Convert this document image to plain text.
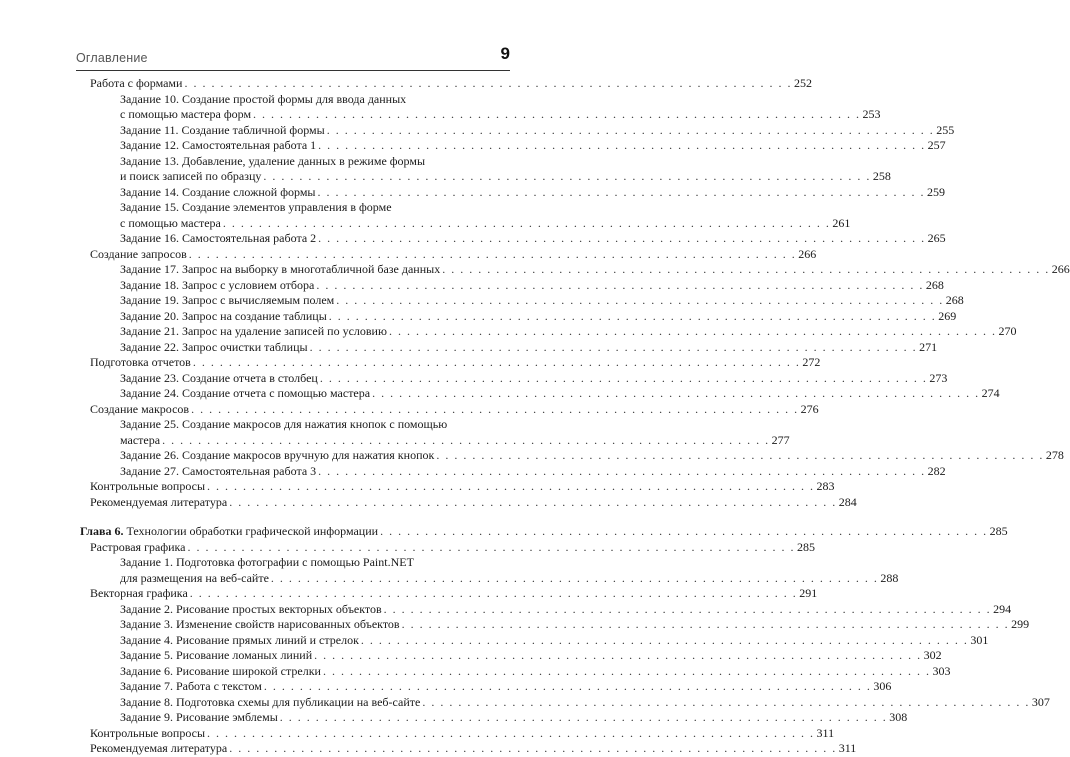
Оглавление	9
Работа с формами . . . . . . . . . . . . . . . . . . . . . . . . . . . . . . . . . . . . . . . . . . . . . . . . . . . . . . . . . . . . . . . . . . . . 252
Задание 10. Создание простой формы для ввода данных
с помощью мастера форм . . . . . . . . . . . . . . . . . . . . . . . . . . . . . . . . . . . . . . . . . . . . . . . . . . . . . . . . . . . . . . . . . . . . 253
Задание 11. Создание табличной формы . . . . . . . . . . . . . . . . . . . . . . . . . . . . . . . . . . . . . . . . . . . . . . . . . . . . . . . . . . . . . . . . . . . . 255
Задание 12. Самостоятельная работа 1 . . . . . . . . . . . . . . . . . . . . . . . . . . . . . . . . . . . . . . . . . . . . . . . . . . . . . . . . . . . . . . . . . . . . 257
Задание 13. Добавление, удаление данных в режиме формы
и поиск записей по образцу . . . . . . . . . . . . . . . . . . . . . . . . . . . . . . . . . . . . . . . . . . . . . . . . . . . . . . . . . . . . . . . . . . . . 258
Задание 14. Создание сложной формы . . . . . . . . . . . . . . . . . . . . . . . . . . . . . . . . . . . . . . . . . . . . . . . . . . . . . . . . . . . . . . . . . . . . 259
Задание 15. Создание элементов управления в форме
с помощью мастера . . . . . . . . . . . . . . . . . . . . . . . . . . . . . . . . . . . . . . . . . . . . . . . . . . . . . . . . . . . . . . . . . . . . 261
Задание 16. Самостоятельная работа 2 . . . . . . . . . . . . . . . . . . . . . . . . . . . . . . . . . . . . . . . . . . . . . . . . . . . . . . . . . . . . . . . . . . . . 265
Создание запросов . . . . . . . . . . . . . . . . . . . . . . . . . . . . . . . . . . . . . . . . . . . . . . . . . . . . . . . . . . . . . . . . . . . . 266
Задание 17. Запрос на выборку в многотабличной базе данных . . . . . . . . . . . . . . . . . . . . . . . . . . . . . . . . . . . . . . . . . . . . . . . . . . . . . . . . . . . . . . . . . . . . 266
Задание 18. Запрос с условием отбора . . . . . . . . . . . . . . . . . . . . . . . . . . . . . . . . . . . . . . . . . . . . . . . . . . . . . . . . . . . . . . . . . . . . 268
Задание 19. Запрос с вычисляемым полем . . . . . . . . . . . . . . . . . . . . . . . . . . . . . . . . . . . . . . . . . . . . . . . . . . . . . . . . . . . . . . . . . . . . 268
Задание 20. Запрос на создание таблицы . . . . . . . . . . . . . . . . . . . . . . . . . . . . . . . . . . . . . . . . . . . . . . . . . . . . . . . . . . . . . . . . . . . . 269
Задание 21. Запрос на удаление записей по условию . . . . . . . . . . . . . . . . . . . . . . . . . . . . . . . . . . . . . . . . . . . . . . . . . . . . . . . . . . . . . . . . . . . . 270
Задание 22. Запрос очистки таблицы . . . . . . . . . . . . . . . . . . . . . . . . . . . . . . . . . . . . . . . . . . . . . . . . . . . . . . . . . . . . . . . . . . . . 271
Подготовка отчетов . . . . . . . . . . . . . . . . . . . . . . . . . . . . . . . . . . . . . . . . . . . . . . . . . . . . . . . . . . . . . . . . . . . . 272
Задание 23. Создание отчета в столбец . . . . . . . . . . . . . . . . . . . . . . . . . . . . . . . . . . . . . . . . . . . . . . . . . . . . . . . . . . . . . . . . . . . . 273
Задание 24. Создание отчета с помощью мастера . . . . . . . . . . . . . . . . . . . . . . . . . . . . . . . . . . . . . . . . . . . . . . . . . . . . . . . . . . . . . . . . . . . . 274
Создание макросов . . . . . . . . . . . . . . . . . . . . . . . . . . . . . . . . . . . . . . . . . . . . . . . . . . . . . . . . . . . . . . . . . . . . 276
Задание 25. Создание макросов для нажатия кнопок с помощью
мастера . . . . . . . . . . . . . . . . . . . . . . . . . . . . . . . . . . . . . . . . . . . . . . . . . . . . . . . . . . . . . . . . . . . . 277
Задание 26. Создание макросов вручную для нажатия кнопок . . . . . . . . . . . . . . . . . . . . . . . . . . . . . . . . . . . . . . . . . . . . . . . . . . . . . . . . . . . . . . . . . . . . 278
Задание 27. Самостоятельная работа 3 . . . . . . . . . . . . . . . . . . . . . . . . . . . . . . . . . . . . . . . . . . . . . . . . . . . . . . . . . . . . . . . . . . . . 282
Контрольные вопросы . . . . . . . . . . . . . . . . . . . . . . . . . . . . . . . . . . . . . . . . . . . . . . . . . . . . . . . . . . . . . . . . . . . . 283
Рекомендуемая литература . . . . . . . . . . . . . . . . . . . . . . . . . . . . . . . . . . . . . . . . . . . . . . . . . . . . . . . . . . . . . . . . . . . . 284
Глава 6. Технологии обработки графической информации . . . . . . . . . . . . . . . . . . . . . . . . . . . . . . . . . . . . . . . . . . . . . . . . . . . . . . . . . . . . . . . . . . . . 285
Растровая графика . . . . . . . . . . . . . . . . . . . . . . . . . . . . . . . . . . . . . . . . . . . . . . . . . . . . . . . . . . . . . . . . . . . . 285
Задание 1. Подготовка фотографии с помощью Paint.NET
для размещения на веб-сайте . . . . . . . . . . . . . . . . . . . . . . . . . . . . . . . . . . . . . . . . . . . . . . . . . . . . . . . . . . . . . . . . . . . . 288
Векторная графика . . . . . . . . . . . . . . . . . . . . . . . . . . . . . . . . . . . . . . . . . . . . . . . . . . . . . . . . . . . . . . . . . . . . 291
Задание 2. Рисование простых векторных объектов . . . . . . . . . . . . . . . . . . . . . . . . . . . . . . . . . . . . . . . . . . . . . . . . . . . . . . . . . . . . . . . . . . . . 294
Задание 3. Изменение свойств нарисованных объектов . . . . . . . . . . . . . . . . . . . . . . . . . . . . . . . . . . . . . . . . . . . . . . . . . . . . . . . . . . . . . . . . . . . . 299
Задание 4. Рисование прямых линий и стрелок . . . . . . . . . . . . . . . . . . . . . . . . . . . . . . . . . . . . . . . . . . . . . . . . . . . . . . . . . . . . . . . . . . . . 301
Задание 5. Рисование ломаных линий . . . . . . . . . . . . . . . . . . . . . . . . . . . . . . . . . . . . . . . . . . . . . . . . . . . . . . . . . . . . . . . . . . . . 302
Задание 6. Рисование широкой стрелки . . . . . . . . . . . . . . . . . . . . . . . . . . . . . . . . . . . . . . . . . . . . . . . . . . . . . . . . . . . . . . . . . . . . 303
Задание 7. Работа с текстом . . . . . . . . . . . . . . . . . . . . . . . . . . . . . . . . . . . . . . . . . . . . . . . . . . . . . . . . . . . . . . . . . . . . 306
Задание 8. Подготовка схемы для публикации на веб-сайте . . . . . . . . . . . . . . . . . . . . . . . . . . . . . . . . . . . . . . . . . . . . . . . . . . . . . . . . . . . . . . . . . . . . 307
Задание 9. Рисование эмблемы . . . . . . . . . . . . . . . . . . . . . . . . . . . . . . . . . . . . . . . . . . . . . . . . . . . . . . . . . . . . . . . . . . . . 308
Контрольные вопросы . . . . . . . . . . . . . . . . . . . . . . . . . . . . . . . . . . . . . . . . . . . . . . . . . . . . . . . . . . . . . . . . . . . . 311
Рекомендуемая литература . . . . . . . . . . . . . . . . . . . . . . . . . . . . . . . . . . . . . . . . . . . . . . . . . . . . . . . . . . . . . . . . . . . . 311
